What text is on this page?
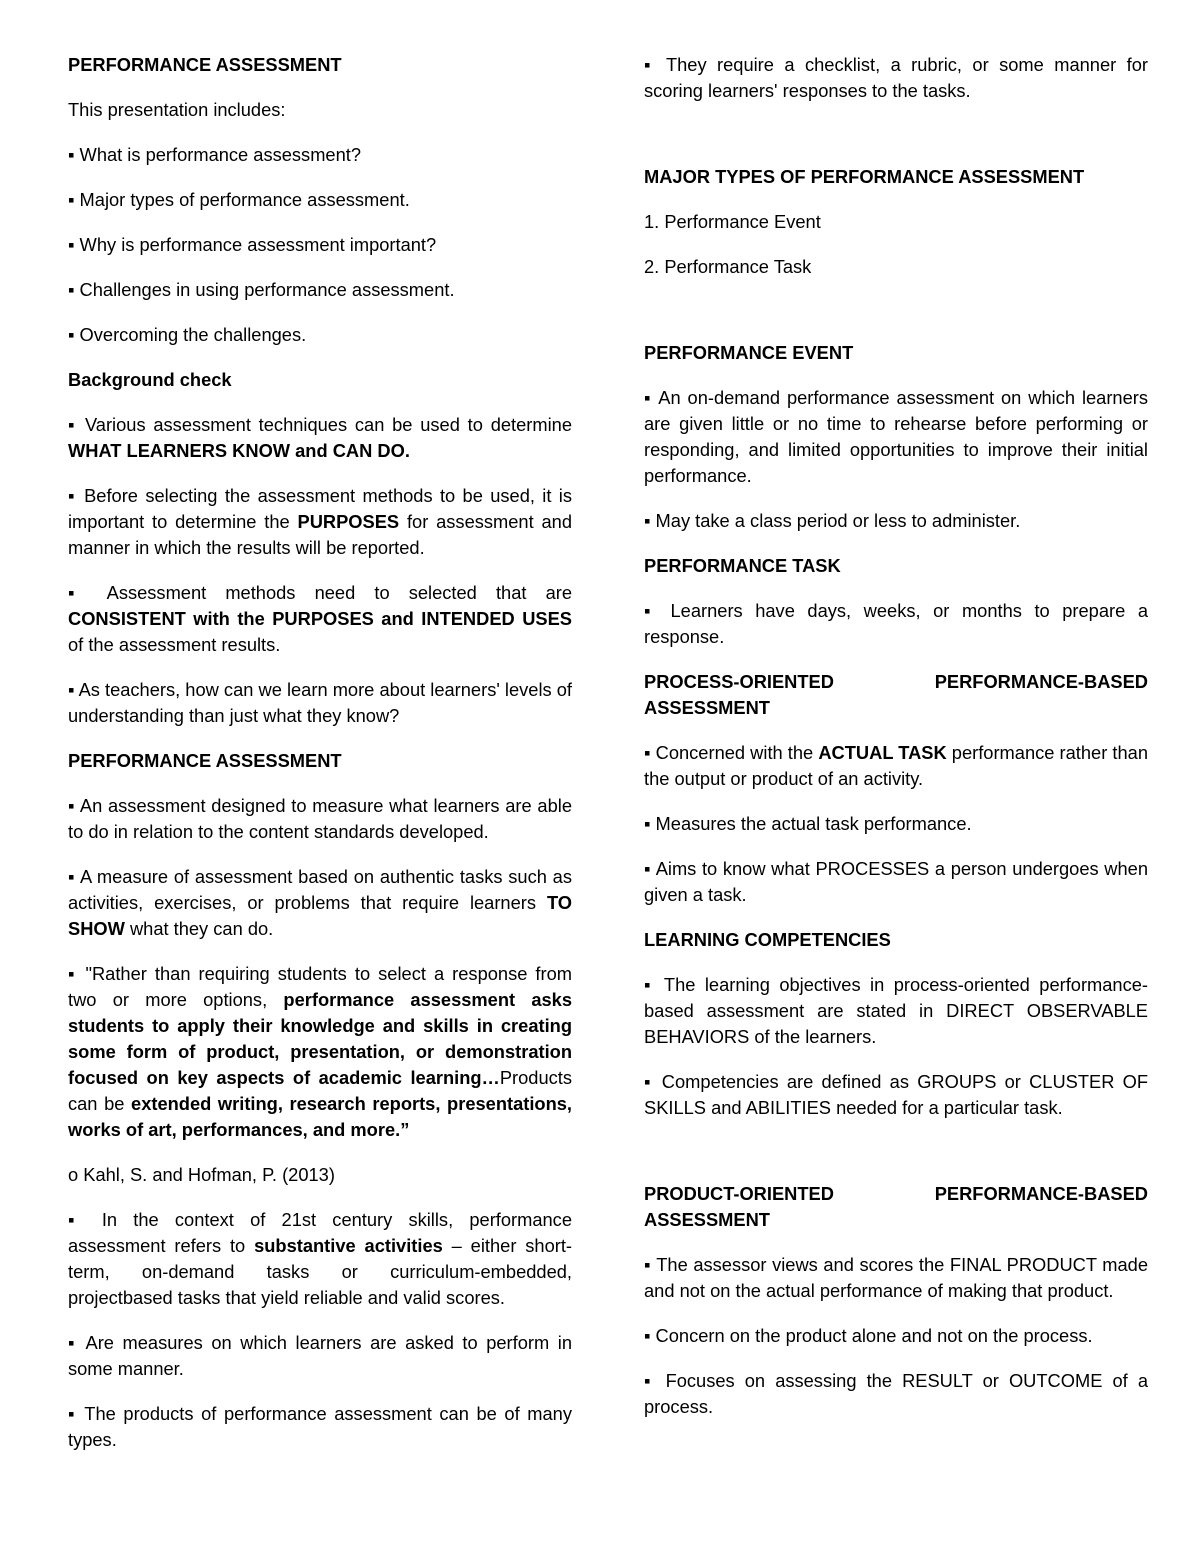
PERFORMANCE ASSESSMENT

This presentation includes:

▪ What is performance assessment?

▪ Major types of performance assessment.

▪ Why is performance assessment important?

▪ Challenges in using performance assessment.

▪ Overcoming the challenges.

Background check

▪ Various assessment techniques can be used to determine WHAT LEARNERS KNOW and CAN DO.

▪ Before selecting the assessment methods to be used, it is important to determine the PURPOSES for assessment and manner in which the results will be reported.

▪ Assessment methods need to selected that are CONSISTENT with the PURPOSES and INTENDED USES of the assessment results.

▪ As teachers, how can we learn more about learners' levels of understanding than just what they know?

PERFORMANCE ASSESSMENT

▪ An assessment designed to measure what learners are able to do in relation to the content standards developed.

▪ A measure of assessment based on authentic tasks such as activities, exercises, or problems that require learners TO SHOW what they can do.

▪ "Rather than requiring students to select a response from two or more options, performance assessment asks students to apply their knowledge and skills in creating some form of product, presentation, or demonstration focused on key aspects of academic learning…Products can be extended writing, research reports, presentations, works of art, performances, and more.”

o Kahl, S. and Hofman, P. (2013)

▪ In the context of 21st century skills, performance assessment refers to substantive activities – either short-term, on-demand tasks or curriculum-embedded, projectbased tasks that yield reliable and valid scores.

▪ Are measures on which learners are asked to perform in some manner.

▪ The products of performance assessment can be of many types.

▪ They require a checklist, a rubric, or some manner for scoring learners' responses to the tasks.

MAJOR TYPES OF PERFORMANCE ASSESSMENT

1. Performance Event

2. Performance Task

PERFORMANCE EVENT

▪ An on-demand performance assessment on which learners are given little or no time to rehearse before performing or responding, and limited opportunities to improve their initial performance.

▪ May take a class period or less to administer.

PERFORMANCE TASK

▪ Learners have days, weeks, or months to prepare a response.

PROCESS-ORIENTED	PERFORMANCE-BASED
ASSESSMENT

▪ Concerned with the ACTUAL TASK performance rather than the output or product of an activity.

▪ Measures the actual task performance.

▪ Aims to know what PROCESSES a person undergoes when given a task.

LEARNING COMPETENCIES

▪ The learning objectives in process-oriented performance-based assessment are stated in DIRECT OBSERVABLE BEHAVIORS of the learners.

▪ Competencies are defined as GROUPS or CLUSTER OF SKILLS and ABILITIES needed for a particular task.

PRODUCT-ORIENTED	PERFORMANCE-BASED
ASSESSMENT

▪ The assessor views and scores the FINAL PRODUCT made and not on the actual performance of making that product.

▪ Concern on the product alone and not on the process.

▪ Focuses on assessing the RESULT or OUTCOME of a process.
